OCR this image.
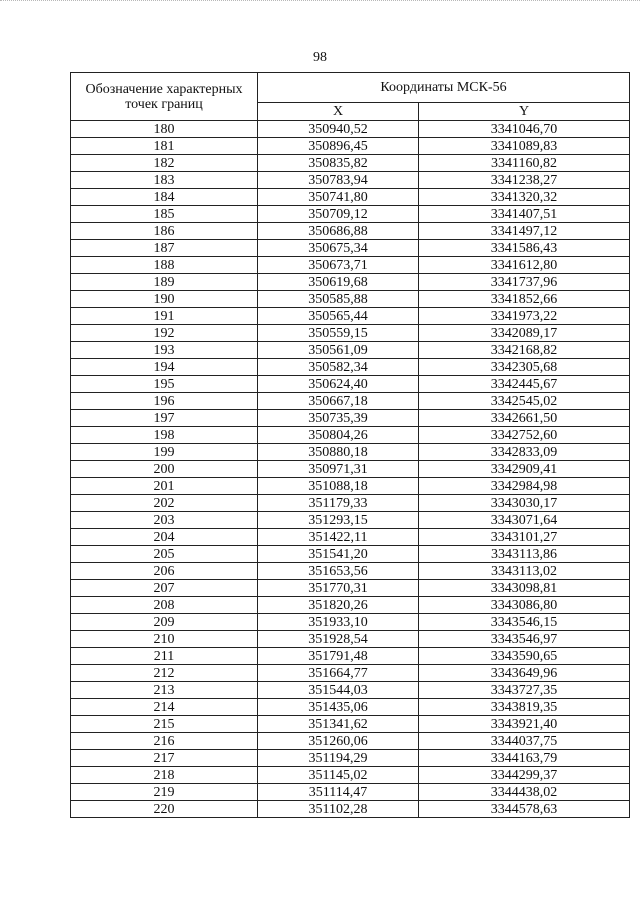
98
Обозначение характерных точек границ	Координаты МСК-56	
	X	Y
180	350940,52	3341046,70
181	350896,45	3341089,83
182	350835,82	3341160,82
183	350783,94	3341238,27
184	350741,80	3341320,32
185	350709,12	3341407,51
186	350686,88	3341497,12
187	350675,34	3341586,43
188	350673,71	3341612,80
189	350619,68	3341737,96
190	350585,88	3341852,66
191	350565,44	3341973,22
192	350559,15	3342089,17
193	350561,09	3342168,82
194	350582,34	3342305,68
195	350624,40	3342445,67
196	350667,18	3342545,02
197	350735,39	3342661,50
198	350804,26	3342752,60
199	350880,18	3342833,09
200	350971,31	3342909,41
201	351088,18	3342984,98
202	351179,33	3343030,17
203	351293,15	3343071,64
204	351422,11	3343101,27
205	351541,20	3343113,86
206	351653,56	3343113,02
207	351770,31	3343098,81
208	351820,26	3343086,80
209	351933,10	3343546,15
210	351928,54	3343546,97
211	351791,48	3343590,65
212	351664,77	3343649,96
213	351544,03	3343727,35
214	351435,06	3343819,35
215	351341,62	3343921,40
216	351260,06	3344037,75
217	351194,29	3344163,79
218	351145,02	3344299,37
219	351114,47	3344438,02
220	351102,28	3344578,63
